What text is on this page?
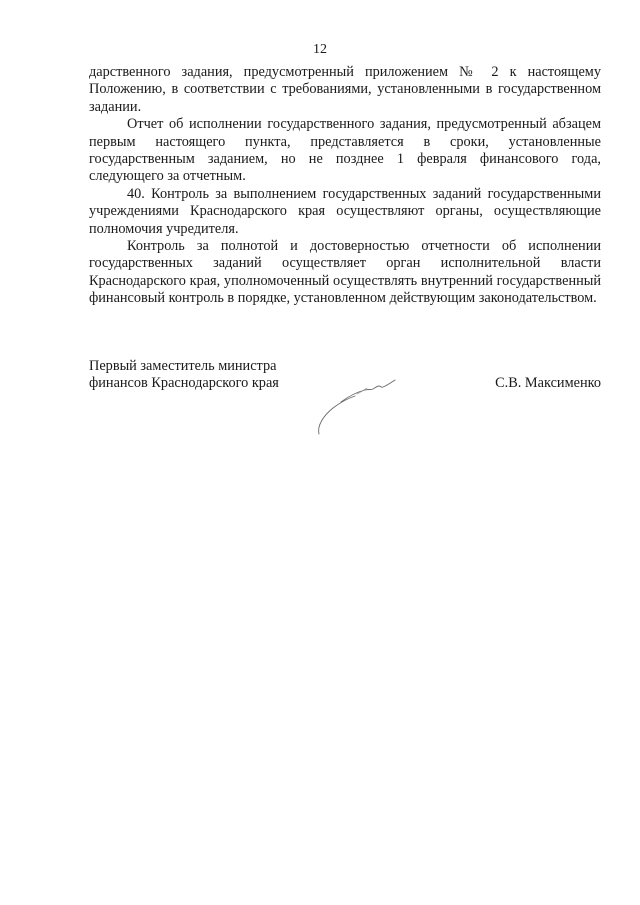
12

дарственного задания, предусмотренный приложением № 2 к настоящему Положению, в соответствии с требованиями, установленными в государственном задании.

Отчет об исполнении государственного задания, предусмотренный абзацем первым настоящего пункта, представляется в сроки, установленные государственным заданием, но не позднее 1 февраля финансового года, следующего за отчетным.

40. Контроль за выполнением государственных заданий государственными учреждениями Краснодарского края осуществляют органы, осуществляющие полномочия учредителя.

Контроль за полнотой и достоверностью отчетности об исполнении государственных заданий осуществляет орган исполнительной власти Краснодарского края, уполномоченный осуществлять внутренний государственный финансовый контроль в порядке, установленном действующим законодательством.

Первый заместитель министра
финансов Краснодарского края	С.В. Максименко
